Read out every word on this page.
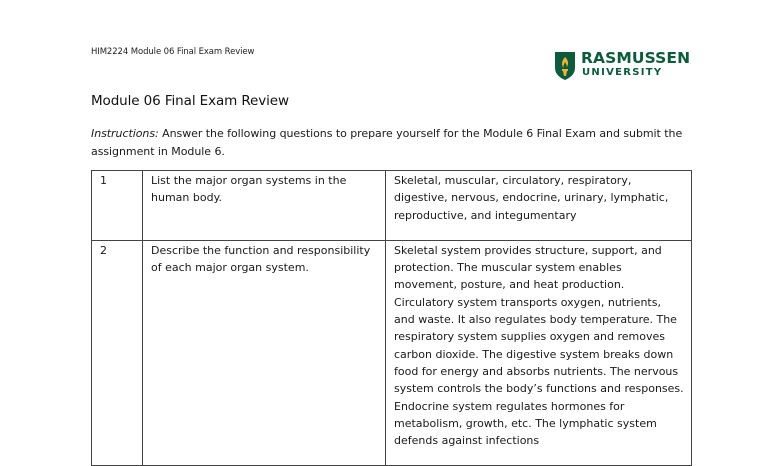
HIM2224 Module 06 Final Exam Review	RASMUSSEN
UNIVERSITY
Module 06 Final Exam Review
Instructions: Answer the following questions to prepare yourself for the Module 6 Final Exam and submit the assignment in Module 6.
1	List the major organ systems in the human body.	Skeletal, muscular, circulatory, respiratory, digestive, nervous, endocrine, urinary, lymphatic, reproductive, and integumentary
2	Describe the function and responsibility of each major organ system.	Skeletal system provides structure, support, and protection. The muscular system enables movement, posture, and heat production. Circulatory system transports oxygen, nutrients, and waste. It also regulates body temperature. The respiratory system supplies oxygen and removes carbon dioxide. The digestive system breaks down food for energy and absorbs nutrients. The nervous system controls the body’s functions and responses. Endocrine system regulates hormones for metabolism, growth, etc. The lymphatic system defends against infections
